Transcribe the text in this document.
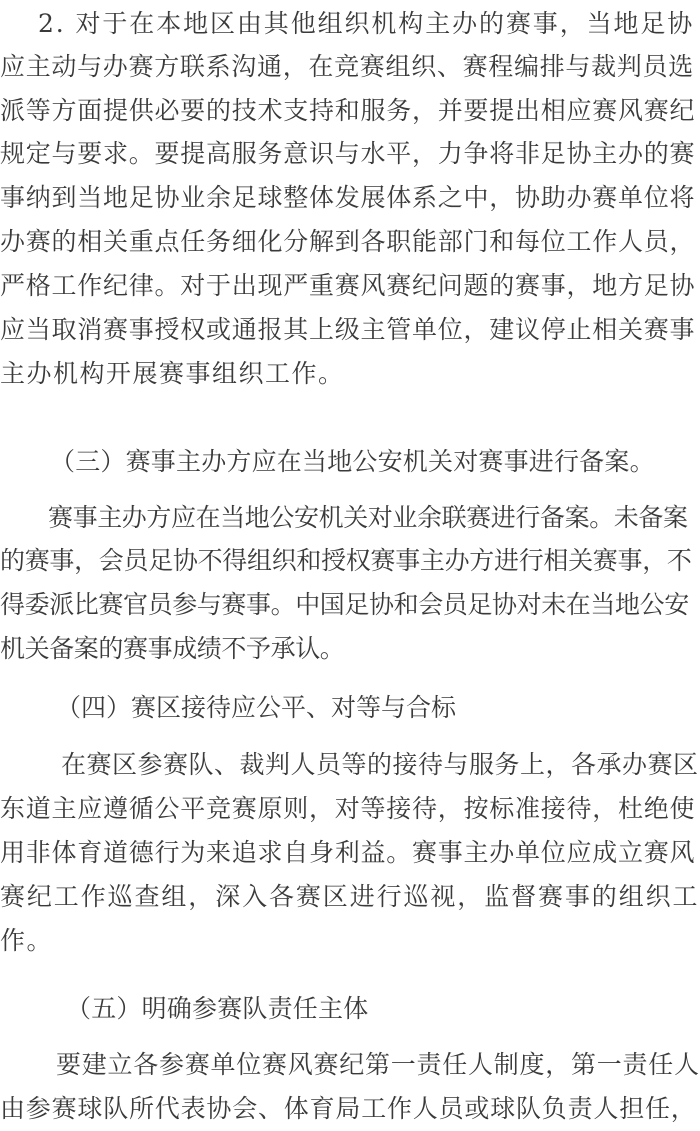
2. 对于在本地区由其他组织机构主办的赛事，当地足协
应主动与办赛方联系沟通，在竞赛组织、赛程编排与裁判员选
派等方面提供必要的技术支持和服务，并要提出相应赛风赛纪
规定与要求。要提高服务意识与水平，力争将非足协主办的赛
事纳到当地足协业余足球整体发展体系之中，协助办赛单位将
办赛的相关重点任务细化分解到各职能部门和每位工作人员，
严格工作纪律。对于出现严重赛风赛纪问题的赛事，地方足协
应当取消赛事授权或通报其上级主管单位，建议停止相关赛事
主办机构开展赛事组织工作。
（三）赛事主办方应在当地公安机关对赛事进行备案。
赛事主办方应在当地公安机关对业余联赛进行备案。未备案
的赛事，会员足协不得组织和授权赛事主办方进行相关赛事，不
得委派比赛官员参与赛事。中国足协和会员足协对未在当地公安
机关备案的赛事成绩不予承认。
（四）赛区接待应公平、对等与合标
在赛区参赛队、裁判人员等的接待与服务上，各承办赛区
东道主应遵循公平竞赛原则，对等接待，按标准接待，杜绝使
用非体育道德行为来追求自身利益。赛事主办单位应成立赛风
赛纪工作巡查组，深入各赛区进行巡视，监督赛事的组织工
作。
（五）明确参赛队责任主体
要建立各参赛单位赛风赛纪第一责任人制度，第一责任人
由参赛球队所代表协会、体育局工作人员或球队负责人担任，
